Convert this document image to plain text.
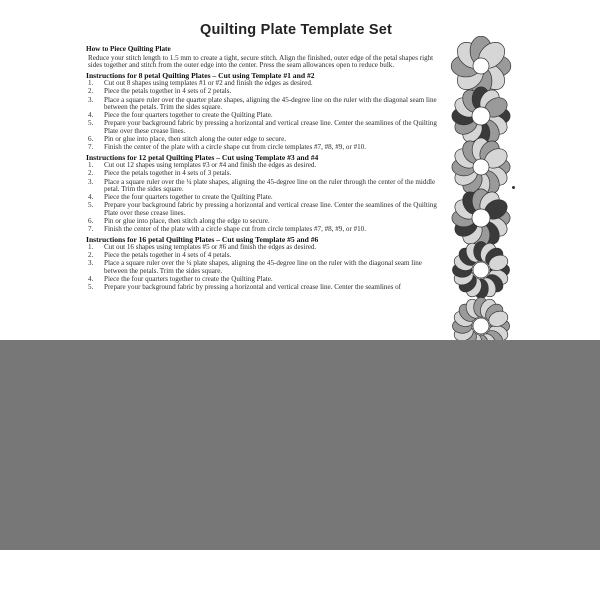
Quilting Plate Template Set
How to Piece Quilting Plate
Reduce your stitch length to 1.5 mm to create a tight, secure stitch. Align the finished, outer edge of the petal shapes right sides together and stitch from the outer edge into the center. Press the seam allowances open to reduce bulk.
Instructions for 8 petal Quilting Plates – Cut using Template #1 and #2
1. Cut out 8 shapes using templates #1 or #2 and finish the edges as desired.
2. Piece the petals together in 4 sets of 2 petals.
3. Place a square ruler over the quarter plate shapes, aligning the 45-degree line on the ruler with the diagonal seam line between the petals. Trim the sides square.
4. Piece the four quarters together to create the Quilting Plate.
5. Prepare your background fabric by pressing a horizontal and vertical crease line. Center the seamlines of the Quilting Plate over these crease lines.
6. Pin or glue into place, then stitch along the outer edge to secure.
7. Finish the center of the plate with a circle shape cut from circle templates #7, #8, #9, or #10.
Instructions for 12 petal Quilting Plates – Cut using Template #3 and #4
1. Cut out 12 shapes using templates #3 or #4 and finish the edges as desired.
2. Piece the petals together in 4 sets of 3 petals.
3. Place a square ruler over the ¼ plate shapes, aligning the 45-degree line on the ruler through the center of the middle petal. Trim the sides square.
4. Piece the four quarters together to create the Quilting Plate.
5. Prepare your background fabric by pressing a horizontal and vertical crease line. Center the seamlines of the Quilting Plate over these crease lines.
6. Pin or glue into place, then stitch along the edge to secure.
7. Finish the center of the plate with a circle shape cut from circle templates #7, #8, #9, or #10.
Instructions for 16 petal Quilting Plates – Cut using Template #5 and #6
1. Cut out 16 shapes using templates #5 or #6 and finish the edges as desired.
2. Piece the petals together in 4 sets of 4 petals.
3. Place a square ruler over the ¼ plate shapes, aligning the 45-degree line on the ruler with the diagonal seam line between the petals. Trim the sides square.
4. Piece the four quarters together to create the Quilting Plate.
5. Prepare your background fabric by pressing a horizontal and vertical crease line. Center the seamlines of
